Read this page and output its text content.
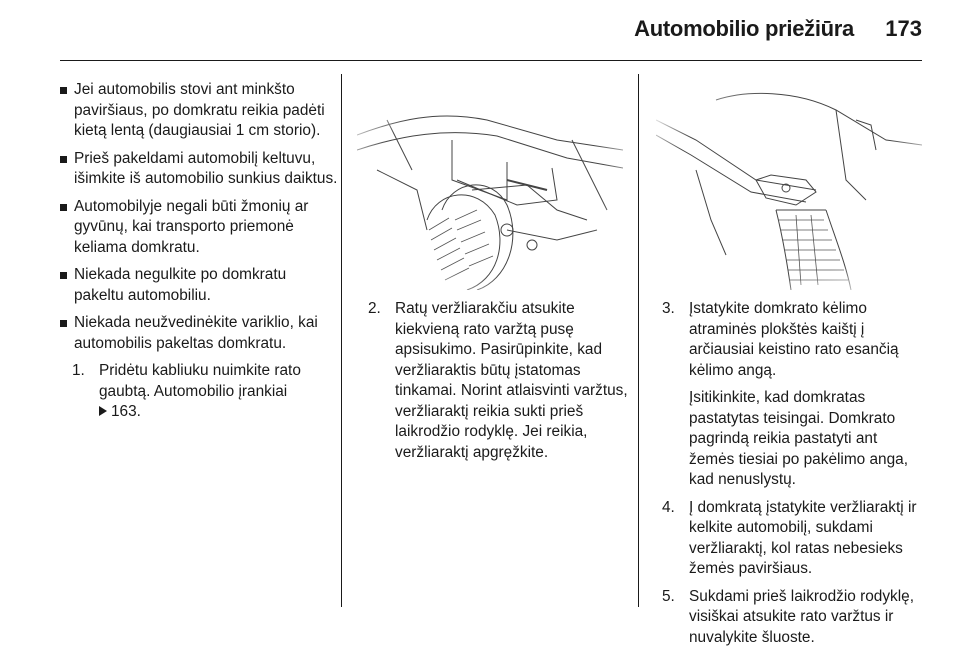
Automobilio priežiūra 173
Jei automobilis stovi ant minkšto paviršiaus, po domkratu reikia padėti kietą lentą (daugiausiai 1 cm storio).
Prieš pakeldami automobilį keltuvu, išimkite iš automobilio sunkius daiktus.
Automobilyje negali būti žmonių ar gyvūnų, kai transporto priemonė keliama domkratu.
Niekada negulkite po domkratu pakeltu automobiliu.
Niekada neužvedinėkite variklio, kai automobilis pakeltas domkratu.
1. Pridėtu kabliuku nuimkite rato gaubtą. Automobilio įrankiai
163.
2. Ratų veržliarakčiu atsukite kiekvieną rato varžtą pusę apsisukimo. Pasirūpinkite, kad veržliaraktis būtų įstatomas tinkamai. Norint atlaisvinti varžtus, veržliaraktį reikia sukti prieš laikrodžio rodyklę. Jei reikia, veržliaraktį apgręžkite.
3. Įstatykite domkrato kėlimo atraminės plokštės kaištį į arčiausiai keistino rato esančią kėlimo angą.
Įsitikinkite, kad domkratas pastatytas teisingai. Domkrato pagrindą reikia pastatyti ant žemės tiesiai po pakėlimo anga, kad nenuslystų.
4. Į domkratą įstatykite veržliaraktį ir kelkite automobilį, sukdami veržliaraktį, kol ratas nebesieks žemės paviršiaus.
5. Sukdami prieš laikrodžio rodyklę, visiškai atsukite rato varžtus ir nuvalykite šluoste.
